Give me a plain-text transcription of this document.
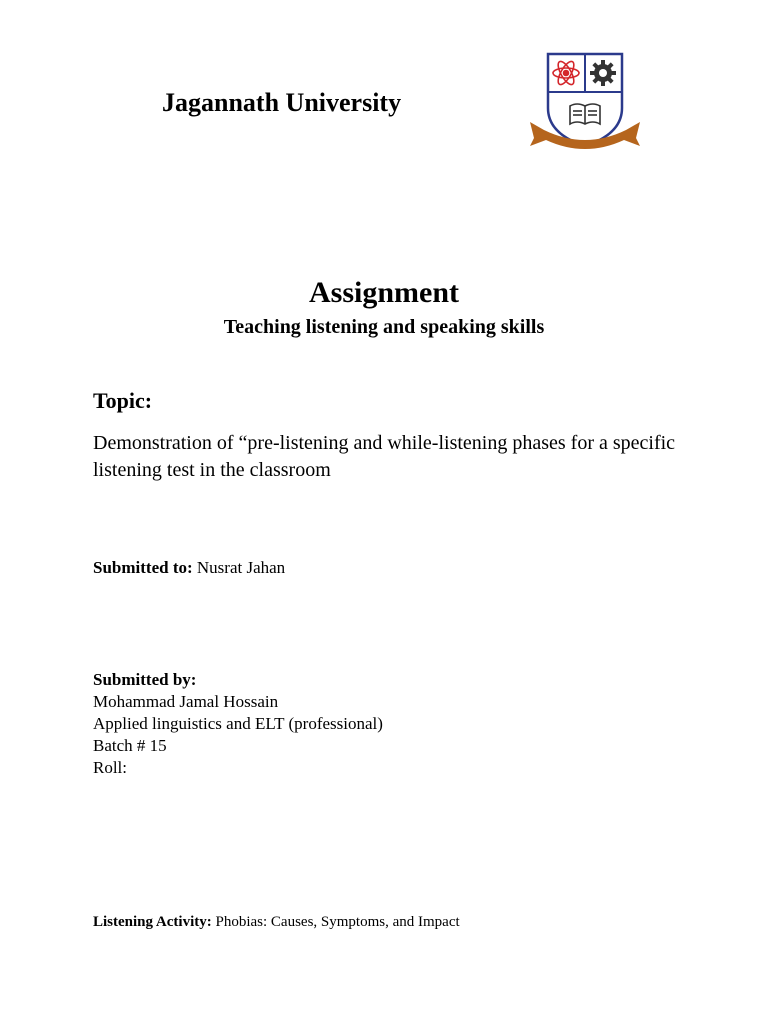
Jagannath University
Assignment
Teaching listening and speaking skills
Topic:
Demonstration of “pre-listening and while-listening phases for a specific listening test in the classroom
Submitted to: Nusrat Jahan
Submitted by:
Mohammad Jamal Hossain
Applied linguistics and ELT (professional)
Batch # 15
Roll:
Listening Activity: Phobias: Causes, Symptoms, and Impact
